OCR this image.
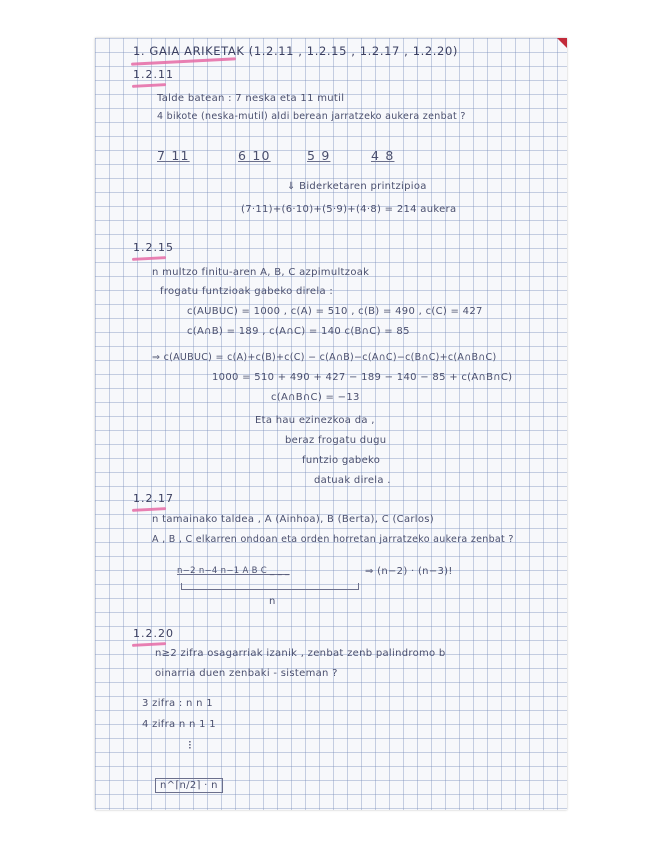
1. GAIA ARIKETAK (1.2.11 , 1.2.15 , 1.2.17 , 1.2.20)
1.2.11
Talde batean : 7 neska eta 11 mutil
4 bikote (neska-mutil) aldi berean jarratzeko aukera zenbat ?
7 11	6 10	5 9	4 8
⇓ Biderketaren printzipioa
(7·11)+(6·10)+(5·9)+(4·8) = 214 aukera
1.2.15
n multzo finitu-aren A, B, C azpimultzoak
frogatu funtzioak gabeko direla :
c(AUBUC) = 1000 , c(A) = 510 , c(B) = 490 , c(C) = 427
c(A∩B) = 189 , c(A∩C) = 140 c(B∩C) = 85
⇒ c(AUBUC) = c(A)+c(B)+c(C) − c(A∩B)−c(A∩C)−c(B∩C)+c(A∩B∩C)
1000 = 510 + 490 + 427 − 189 − 140 − 85 + c(A∩B∩C)
c(A∩B∩C) = −13
Eta hau ezinezkoa da ,
beraz frogatu dugu
funtzio gabeko
datuak direla .
1.2.17
n tamainako taldea , A (Ainhoa), B (Berta), C (Carlos)
A , B , C elkarren ondoan eta orden horretan jarratzeko aukera zenbat ?
n−2 n−4 n−1 A B C _ _ _	⇒ (n−2) · (n−3)!
n
1.2.20
n≥2 zifra osagarriak izanik , zenbat zenb palindromo b
oinarria duen zenbaki - sisteman ?
3 zifra : n n 1
4 zifra n n 1 1
⁝
n^⌈n/2⌉ · n
